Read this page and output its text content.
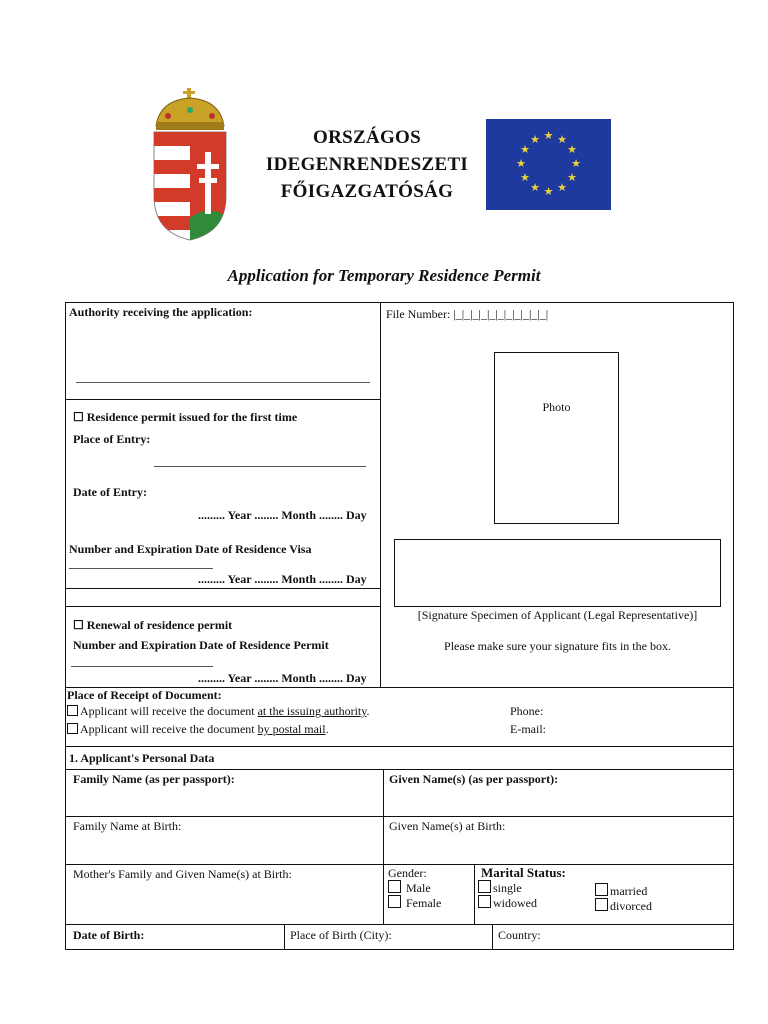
ORSZÁGOS
IDEGENRENDESZETI
FŐIGAZGATÓSÁG
★ ★
★
★
★
★
★
★
★
★
★
★
Application for Temporary Residence Permit
Authority receiving the application:
☐ Residence permit issued for the first time
Place of Entry:
Date of Entry:
......... Year ........ Month ........ Day
Number and Expiration Date of Residence Visa
......... Year ........ Month ........ Day
☐ Renewal of residence permit
Number and Expiration Date of Residence Permit
......... Year ........ Month ........ Day
File Number: |_|_|_|_|_|_|_|_|_|_|_|
Photo
[Signature Specimen of Applicant (Legal Representative)]
Please make sure your signature fits in the box.
Place of Receipt of Document:
Applicant will receive the document at the issuing authority.
Applicant will receive the document by postal mail.
Phone:
E-mail:
1. Applicant's Personal Data
Family Name (as per passport):	Given Name(s) (as per passport):
Family Name at Birth:	Given Name(s) at Birth:
Mother's Family and Given Name(s) at Birth:	Gender:
Male
Female
Marital Status:
single
widowed
married
divorced
Date of Birth:	Place of Birth (City):	Country:
